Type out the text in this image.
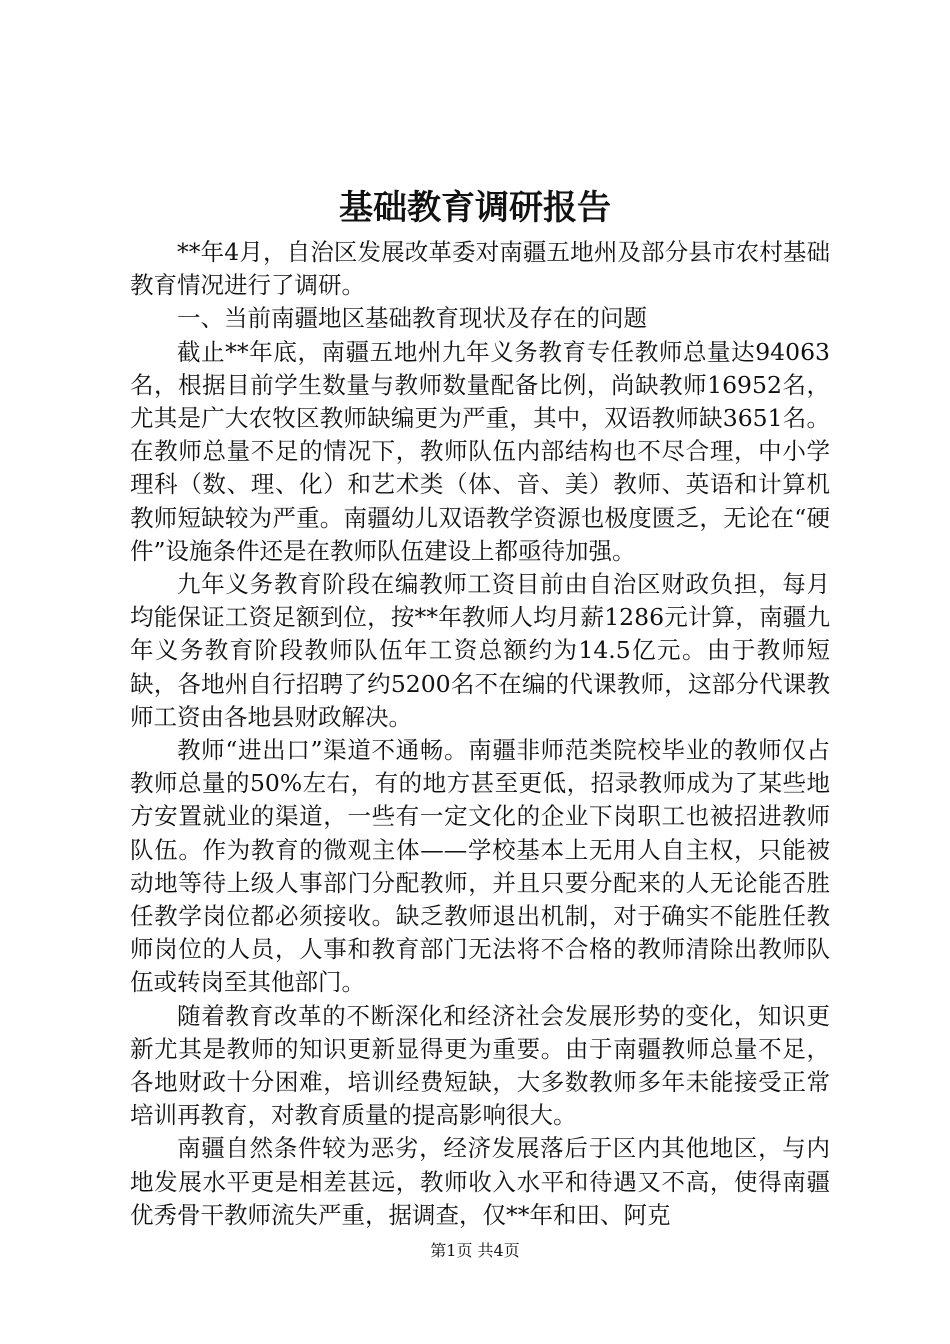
基础教育调研报告

**年4月，自治区发展改革委对南疆五地州及部分县市农村基础教育情况进行了调研。

一、当前南疆地区基础教育现状及存在的问题

截止**年底，南疆五地州九年义务教育专任教师总量达94063名，根据目前学生数量与教师数量配备比例，尚缺教师16952名，尤其是广大农牧区教师缺编更为严重，其中，双语教师缺3651名。在教师总量不足的情况下，教师队伍内部结构也不尽合理，中小学理科（数、理、化）和艺术类（体、音、美）教师、英语和计算机教师短缺较为严重。南疆幼儿双语教学资源也极度匮乏，无论在“硬件”设施条件还是在教师队伍建设上都亟待加强。

九年义务教育阶段在编教师工资目前由自治区财政负担，每月均能保证工资足额到位，按**年教师人均月薪1286元计算，南疆九年义务教育阶段教师队伍年工资总额约为14.5亿元。由于教师短缺，各地州自行招聘了约5200名不在编的代课教师，这部分代课教师工资由各地县财政解决。

教师“进出口”渠道不通畅。南疆非师范类院校毕业的教师仅占教师总量的50%左右，有的地方甚至更低，招录教师成为了某些地方安置就业的渠道，一些有一定文化的企业下岗职工也被招进教师队伍。作为教育的微观主体——学校基本上无用人自主权，只能被动地等待上级人事部门分配教师，并且只要分配来的人无论能否胜任教学岗位都必须接收。缺乏教师退出机制，对于确实不能胜任教师岗位的人员，人事和教育部门无法将不合格的教师清除出教师队伍或转岗至其他部门。

随着教育改革的不断深化和经济社会发展形势的变化，知识更新尤其是教师的知识更新显得更为重要。由于南疆教师总量不足，各地财政十分困难，培训经费短缺，大多数教师多年未能接受正常培训再教育，对教育质量的提高影响很大。

南疆自然条件较为恶劣，经济发展落后于区内其他地区，与内地发展水平更是相差甚远，教师收入水平和待遇又不高，使得南疆优秀骨干教师流失严重，据调查，仅**年和田、阿克

第1页 共4页
